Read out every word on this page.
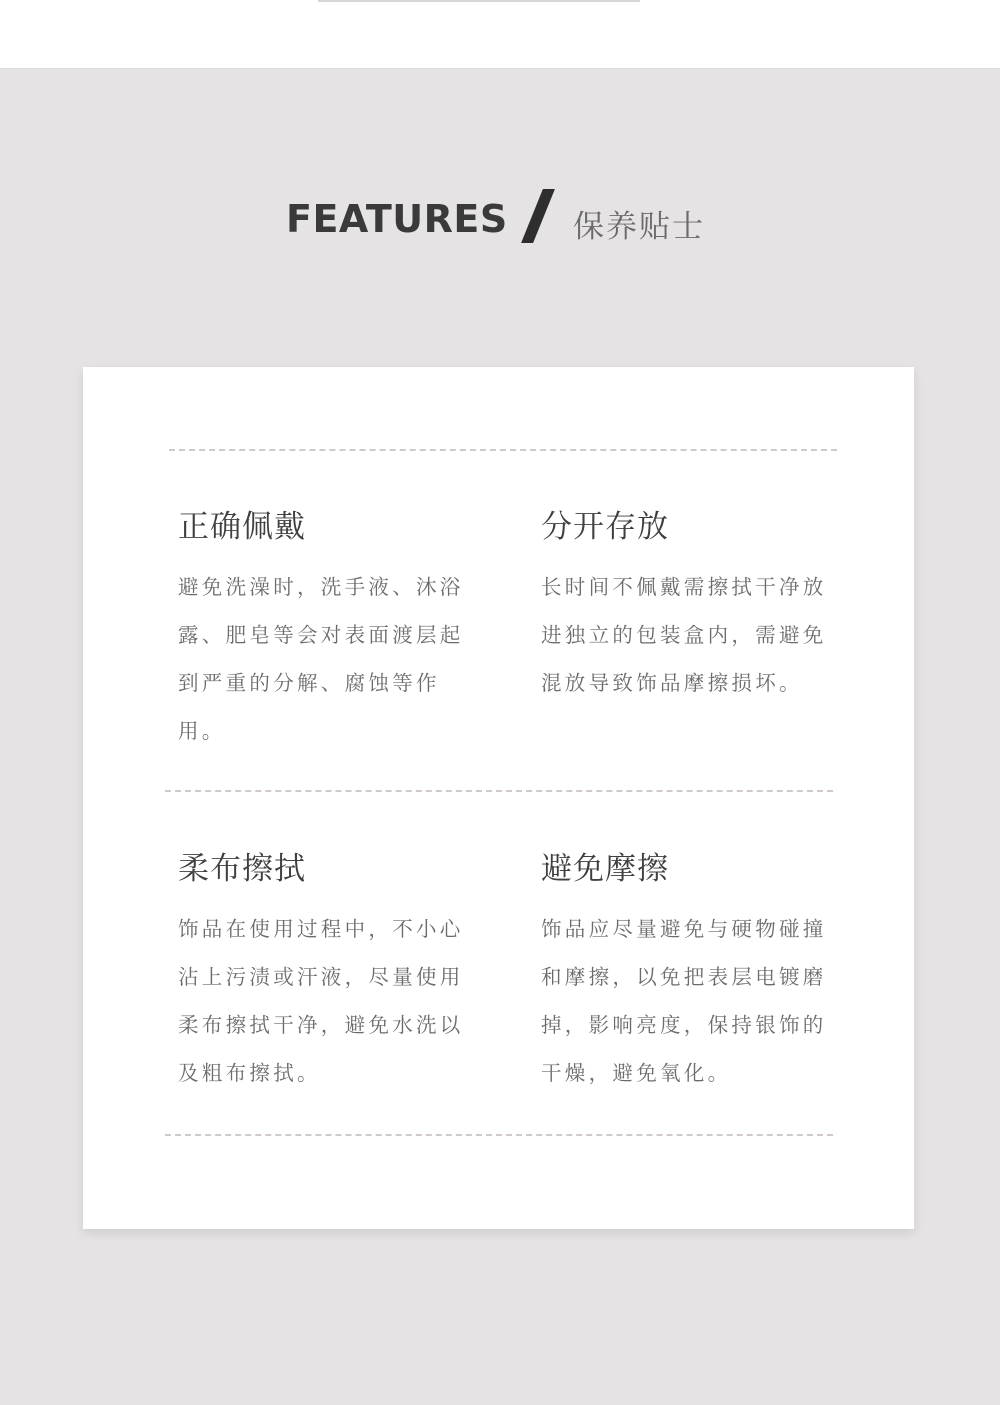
FEATURES 保养贴士
正确佩戴
避免洗澡时，洗手液、沐浴露、肥皂等会对表面渡层起到严重的分解、腐蚀等作用。
分开存放
长时间不佩戴需擦拭干净放进独立的包装盒内，需避免混放导致饰品摩擦损坏。
柔布擦拭
饰品在使用过程中，不小心沾上污渍或汗液，尽量使用柔布擦拭干净，避免水洗以及粗布擦拭。
避免摩擦
饰品应尽量避免与硬物碰撞和摩擦，以免把表层电镀磨掉，影响亮度，保持银饰的干燥，避免氧化。
